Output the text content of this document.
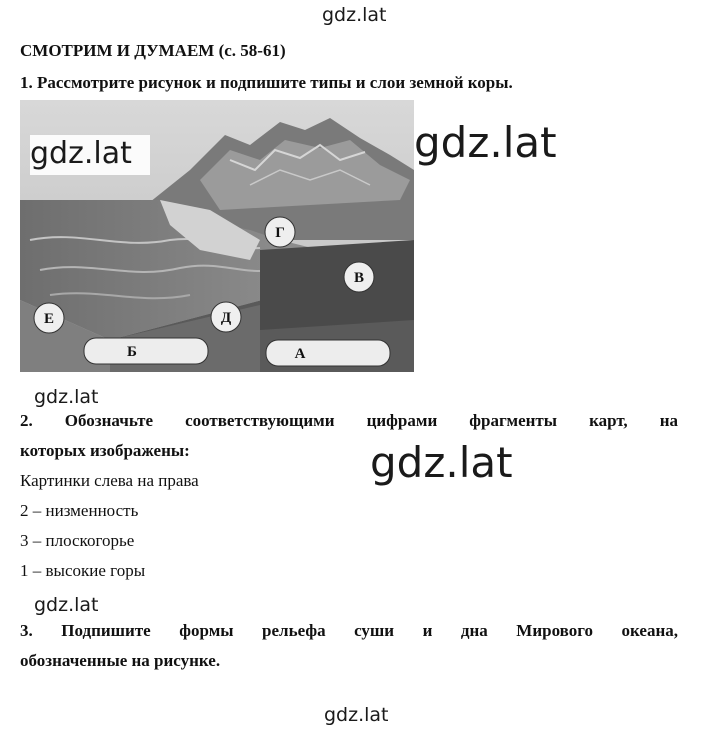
gdz.lat
СМОТРИМ И ДУМАЕМ (с. 58-61)
1. Рассмотрите рисунок и подпишите типы и слои земной коры.
Г
В
Е	Д
Б	А
gdz.lat	gdz.lat
gdz.lat
2. Обозначьте соответствующими цифрами фрагменты карт, на
которых изображены:	gdz.lat
Картинки слева на права
2 – низменность
3 – плоскогорье
1 – высокие горы
gdz.lat
3. Подпишите формы рельефа суши и дна Мирового океана,
обозначенные на рисунке.
gdz.lat
